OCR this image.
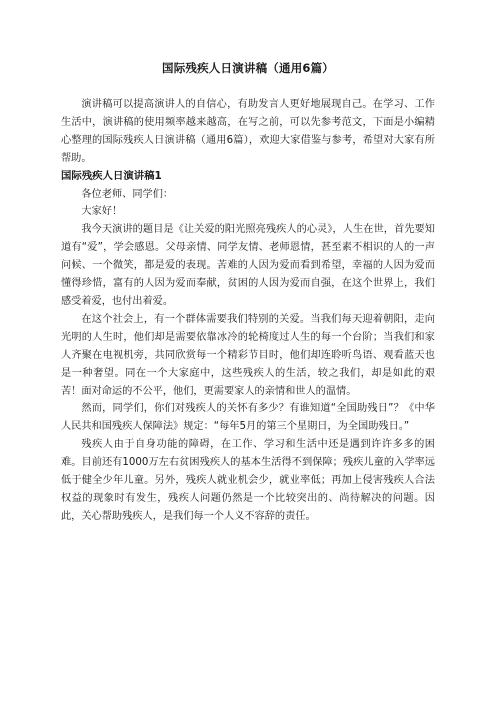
国际残疾人日演讲稿（通用6篇）

演讲稿可以提高演讲人的自信心，有助发言人更好地展现自己。在学习、工作生活中，演讲稿的使用频率越来越高，在写之前，可以先参考范文，下面是小编精心整理的国际残疾人日演讲稿（通用6篇），欢迎大家借鉴与参考，希望对大家有所帮助。

国际残疾人日演讲稿1

各位老师、同学们：

大家好！

我今天演讲的题目是《让关爱的阳光照亮残疾人的心灵》，人生在世，首先要知道有“爱”，学会感恩。父母亲情、同学友情、老师恩情，甚至素不相识的人的一声问候、一个微笑，都是爱的表现。苦难的人因为爱而看到希望，幸福的人因为爱而懂得珍惜，富有的人因为爱而奉献，贫困的人因为爱而自强，在这个世界上，我们感受着爱，也付出着爱。

在这个社会上，有一个群体需要我们特别的关爱。当我们每天迎着朝阳，走向光明的人生时，他们却是需要依靠冰冷的轮椅度过人生的每一个台阶；当我们和家人齐聚在电视机旁，共同欣赏每一个精彩节目时，他们却连聆听鸟语、观看蓝天也是一种奢望。同在一个大家庭中，这些残疾人的生活，较之我们，却是如此的艰苦！面对命运的不公平，他们，更需要家人的亲情和世人的温情。

然而，同学们，你们对残疾人的关怀有多少？有谁知道“全国助残日”？《中华人民共和国残疾人保障法》规定：“每年5月的第三个星期日，为全国助残日。”

残疾人由于自身功能的障碍，在工作、学习和生活中还是遇到许许多多的困难。目前还有1000万左右贫困残疾人的基本生活得不到保障；残疾儿童的入学率远低于健全少年儿童。另外，残疾人就业机会少，就业率低；再加上侵害残疾人合法权益的现象时有发生，残疾人问题仍然是一个比较突出的、尚待解决的问题。因此，关心帮助残疾人，是我们每一个人义不容辞的责任。
